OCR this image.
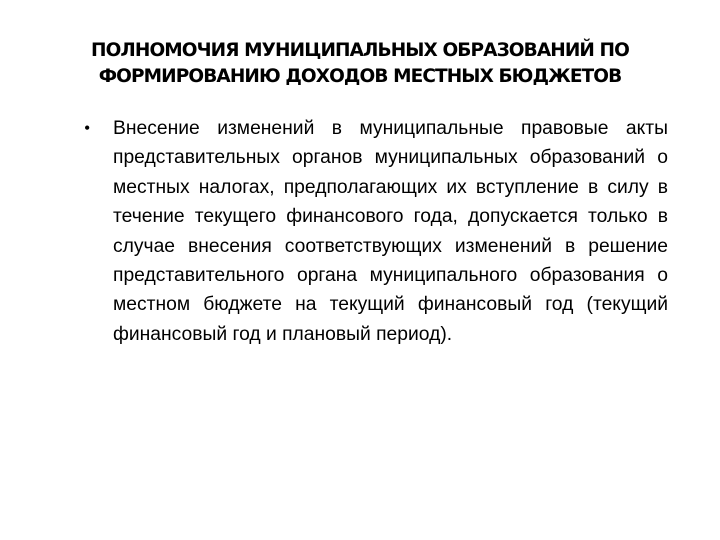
ПОЛНОМОЧИЯ МУНИЦИПАЛЬНЫХ ОБРАЗОВАНИЙ ПО
ФОРМИРОВАНИЮ ДОХОДОВ МЕСТНЫХ БЮДЖЕТОВ
• Внесение изменений в муниципальные правовые акты представительных органов муниципальных образований о местных налогах, предполагающих их вступление в силу в течение текущего финансового года, допускается только в случае внесения соответствующих изменений в решение представительного органа муниципального образования о местном бюджете на текущий финансовый год (текущий финансовый год и плановый период).
